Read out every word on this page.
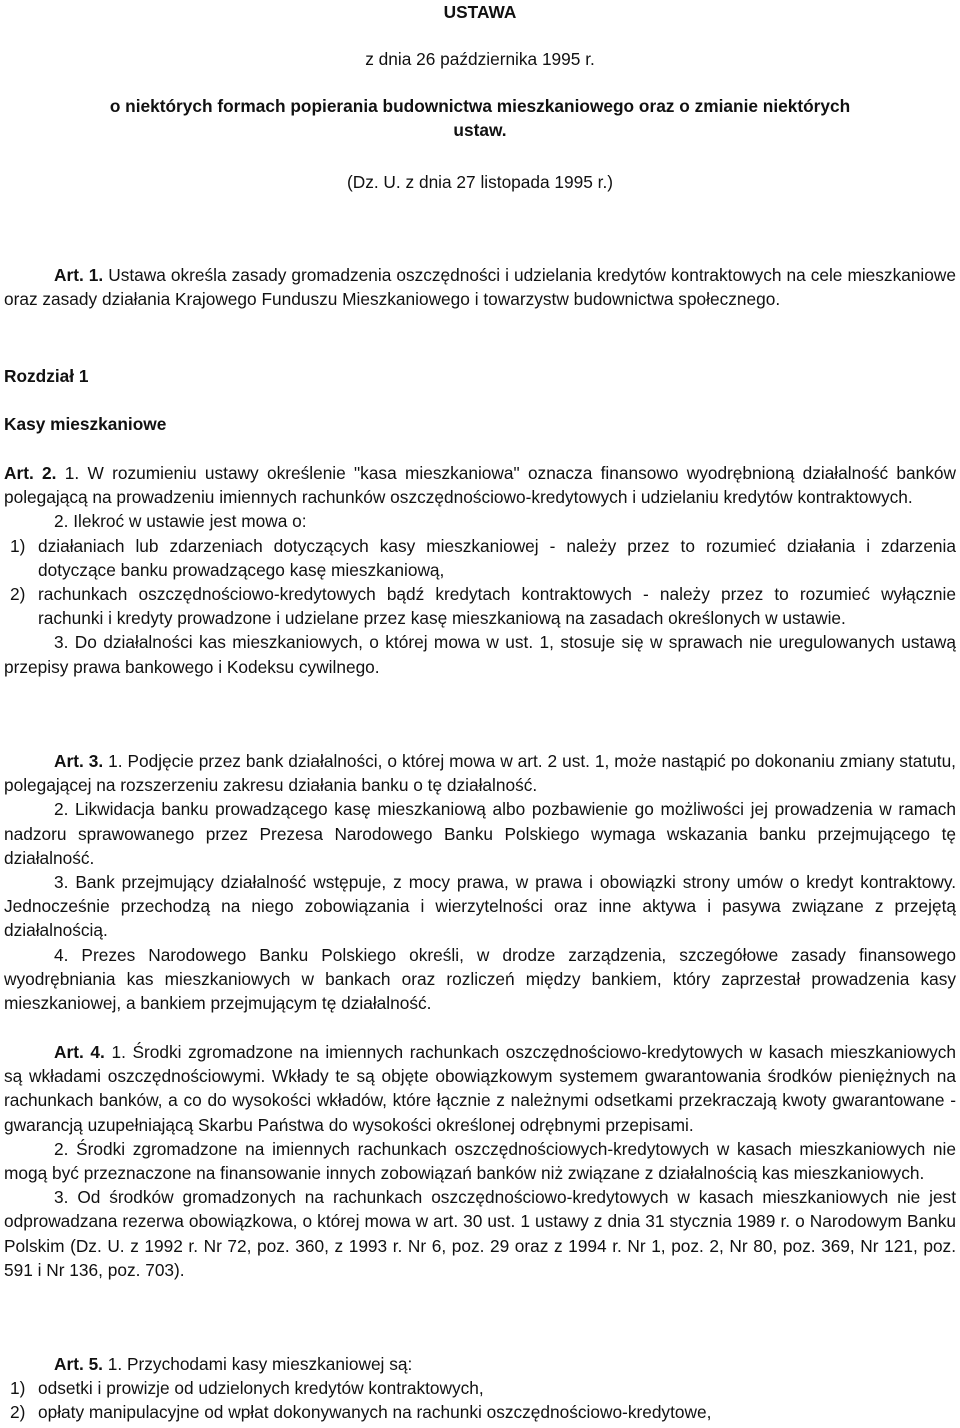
USTAWA
z dnia 26 października 1995 r.
o niektórych formach popierania budownictwa mieszkaniowego oraz o zmianie niektórych
ustaw.
(Dz. U. z dnia 27 listopada 1995 r.)

Art. 1. Ustawa określa zasady gromadzenia oszczędności i udzielania kredytów kontraktowych na cele mieszkaniowe oraz zasady działania Krajowego Funduszu Mieszkaniowego i towarzystw budownictwa społecznego.

Rozdział 1
Kasy mieszkaniowe

Art. 2. 1. W rozumieniu ustawy określenie "kasa mieszkaniowa" oznacza finansowo wyodrębnioną działalność banków polegającą na prowadzeniu imiennych rachunków oszczędnościowo-kredytowych i udzielaniu kredytów kontraktowych.

2. Ilekroć w ustawie jest mowa o:

1) działaniach lub zdarzeniach dotyczących kasy mieszkaniowej - należy przez to rozumieć działania i zdarzenia dotyczące banku prowadzącego kasę mieszkaniową,
2) rachunkach oszczędnościowo-kredytowych bądź kredytach kontraktowych - należy przez to rozumieć wyłącznie rachunki i kredyty prowadzone i udzielane przez kasę mieszkaniową na zasadach określonych w ustawie.

3. Do działalności kas mieszkaniowych, o której mowa w ust. 1, stosuje się w sprawach nie uregulowanych ustawą przepisy prawa bankowego i Kodeksu cywilnego.

Art. 3. 1. Podjęcie przez bank działalności, o której mowa w art. 2 ust. 1, może nastąpić po dokonaniu zmiany statutu, polegającej na rozszerzeniu zakresu działania banku o tę działalność.

2. Likwidacja banku prowadzącego kasę mieszkaniową albo pozbawienie go możliwości jej prowadzenia w ramach nadzoru sprawowanego przez Prezesa Narodowego Banku Polskiego wymaga wskazania banku przejmującego tę działalność.

3. Bank przejmujący działalność wstępuje, z mocy prawa, w prawa i obowiązki strony umów o kredyt kontraktowy. Jednocześnie przechodzą na niego zobowiązania i wierzytelności oraz inne aktywa i pasywa związane z przejętą działalnością.

4. Prezes Narodowego Banku Polskiego określi, w drodze zarządzenia, szczegółowe zasady finansowego wyodrębniania kas mieszkaniowych w bankach oraz rozliczeń między bankiem, który zaprzestał prowadzenia kasy mieszkaniowej, a bankiem przejmującym tę działalność.

Art. 4. 1. Środki zgromadzone na imiennych rachunkach oszczędnościowo-kredytowych w kasach mieszkaniowych są wkładami oszczędnościowymi. Wkłady te są objęte obowiązkowym systemem gwarantowania środków pieniężnych na rachunkach banków, a co do wysokości wkładów, które łącznie z należnymi odsetkami przekraczają kwoty gwarantowane - gwarancją uzupełniającą Skarbu Państwa do wysokości określonej odrębnymi przepisami.

2. Środki zgromadzone na imiennych rachunkach oszczędnościowych-kredytowych w kasach mieszkaniowych nie mogą być przeznaczone na finansowanie innych zobowiązań banków niż związane z działalnością kas mieszkaniowych.

3. Od środków gromadzonych na rachunkach oszczędnościowo-kredytowych w kasach mieszkaniowych nie jest odprowadzana rezerwa obowiązkowa, o której mowa w art. 30 ust. 1 ustawy z dnia 31 stycznia 1989 r. o Narodowym Banku Polskim (Dz. U. z 1992 r. Nr 72, poz. 360, z 1993 r. Nr 6, poz. 29 oraz z 1994 r. Nr 1, poz. 2, Nr 80, poz. 369, Nr 121, poz. 591 i Nr 136, poz. 703).

Art. 5. 1. Przychodami kasy mieszkaniowej są:

1) odsetki i prowizje od udzielonych kredytów kontraktowych,
2) opłaty manipulacyjne od wpłat dokonywanych na rachunki oszczędnościowo-kredytowe,
